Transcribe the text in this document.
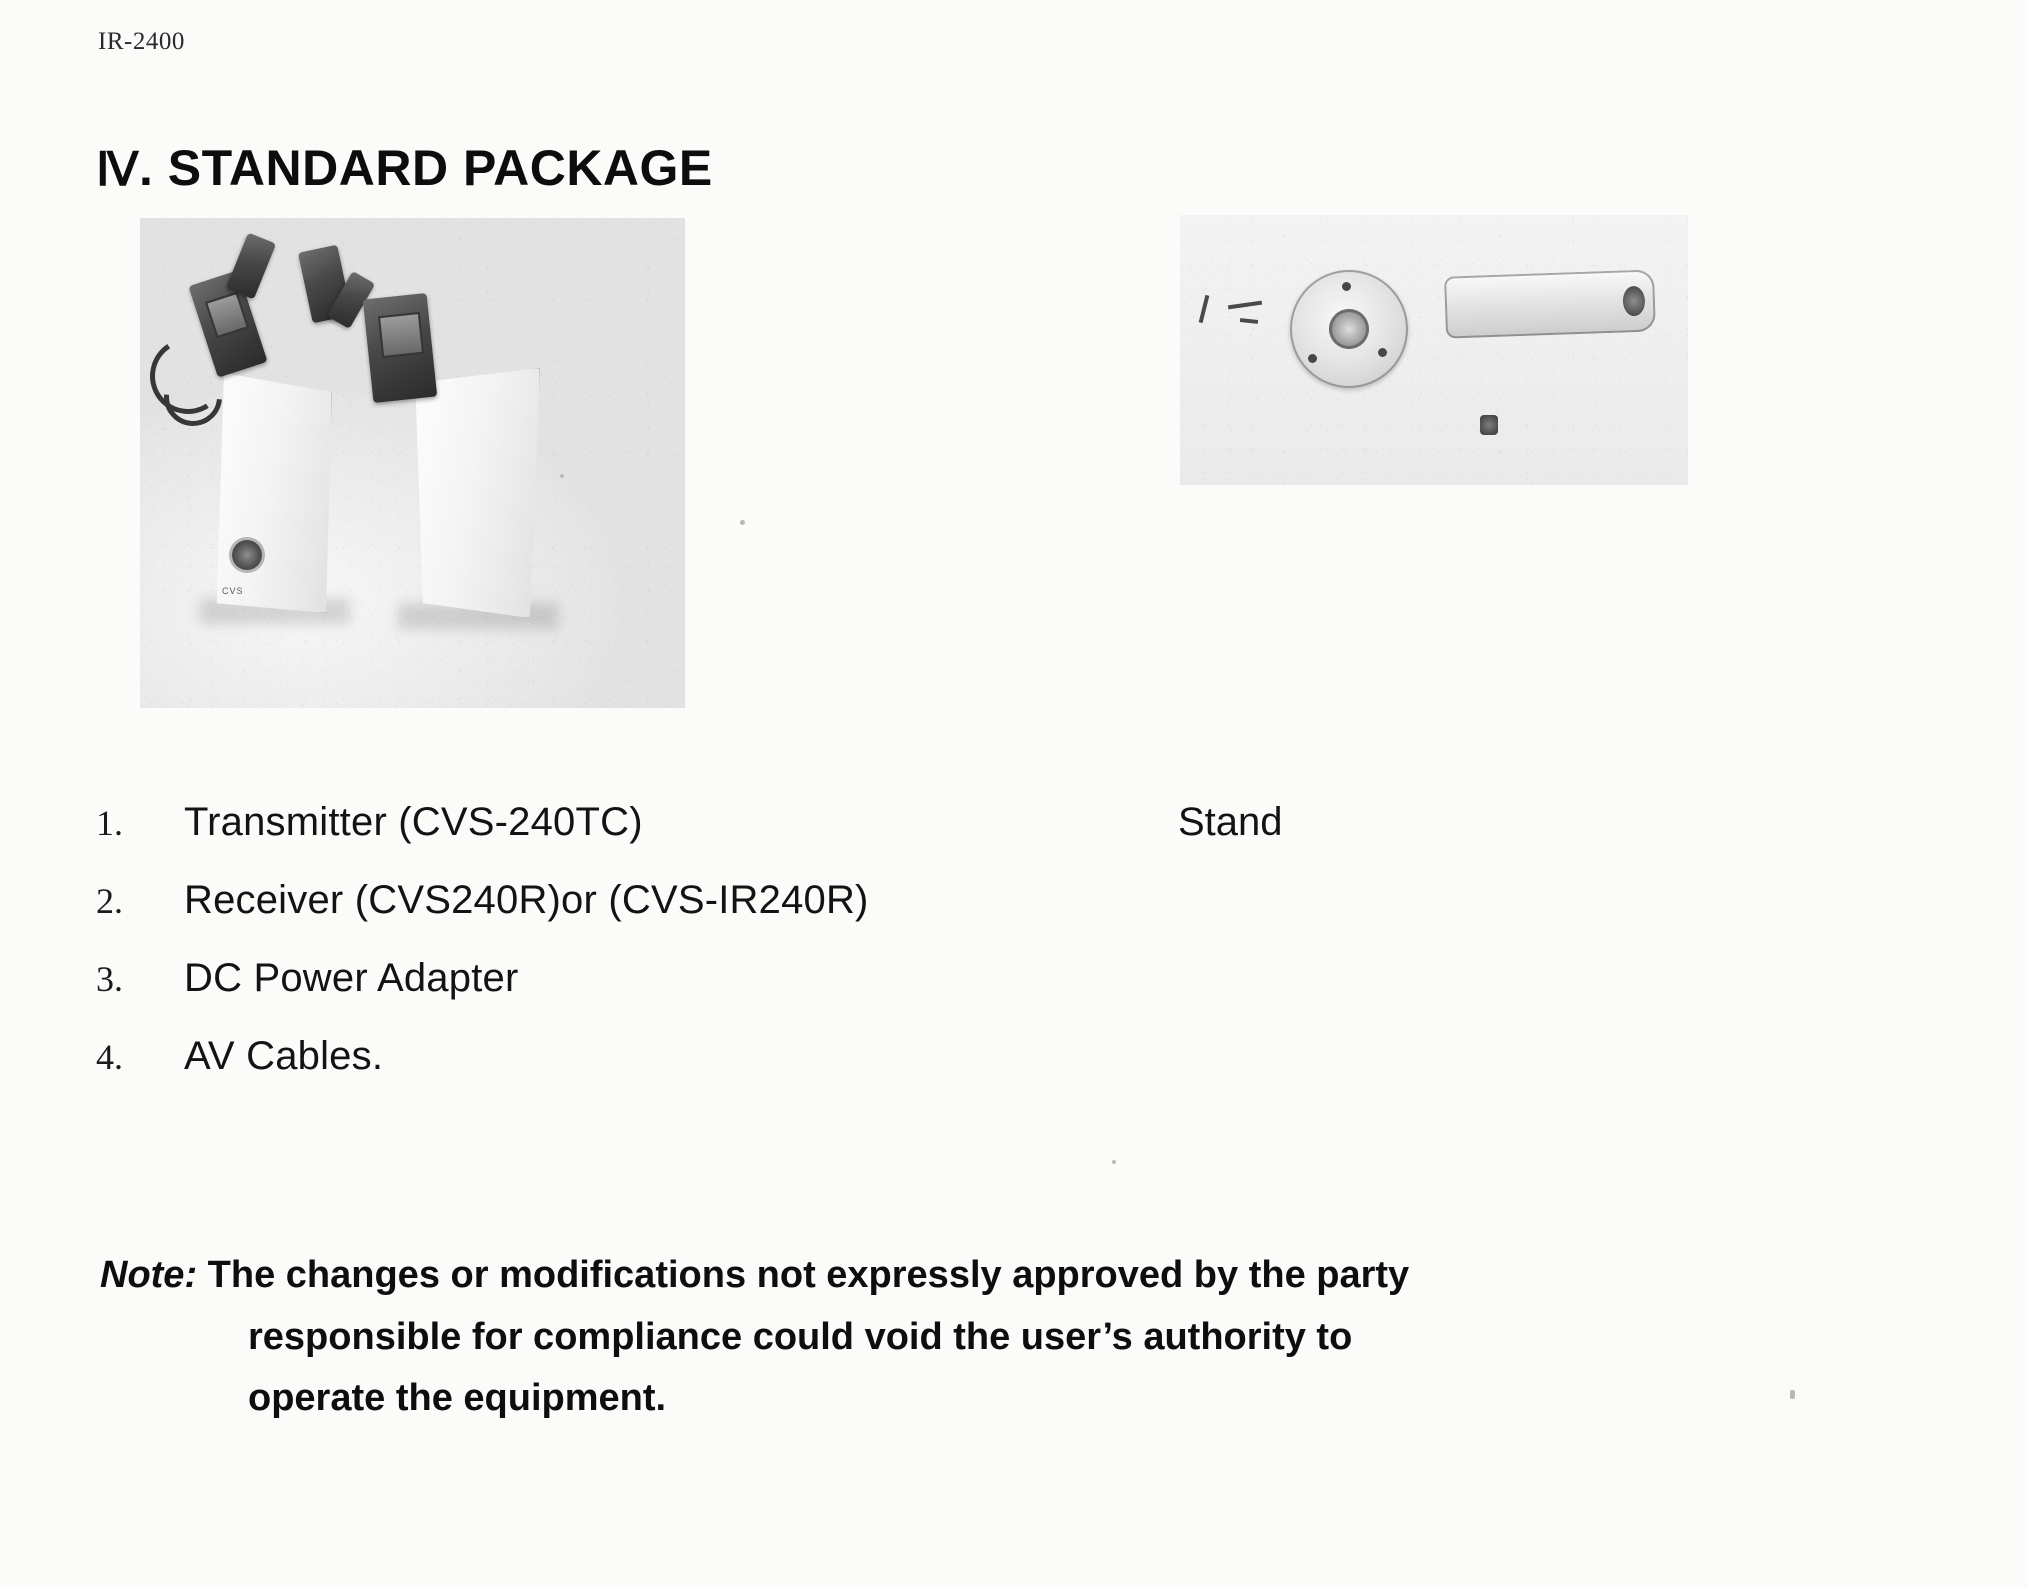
IR-2400
Ⅳ. STANDARD PACKAGE
CVS
1.	Transmitter (CVS-240TC)
2.	Receiver (CVS240R)or (CVS-IR240R)
3.	DC Power Adapter
4.	AV Cables.
Stand
Note: The changes or modifications not expressly approved by the party
responsible for compliance could void the user’s authority to
operate the equipment.
